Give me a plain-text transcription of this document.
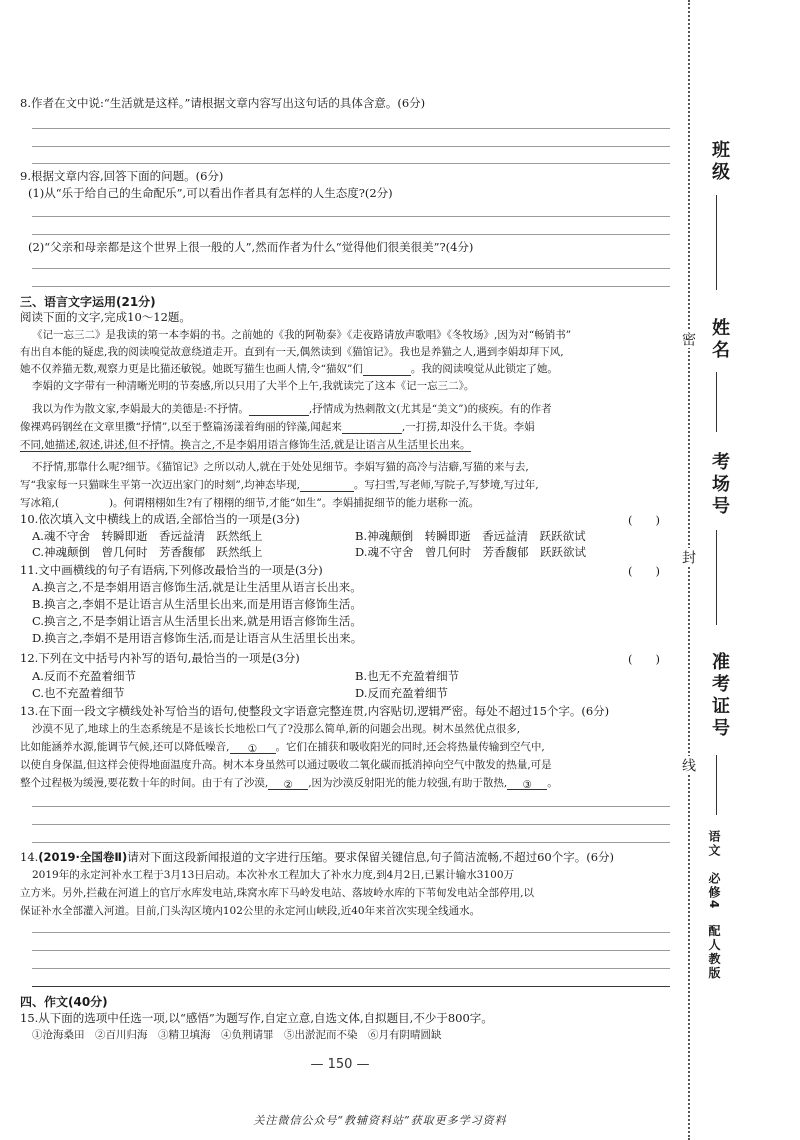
8.作者在文中说:“生活就是这样。”请根据文章内容写出这句话的具体含意。(6分)
9.根据文章内容,回答下面的问题。(6分)
(1)从“乐于给自己的生命配乐”,可以看出作者具有怎样的人生态度?(2分)
(2)“父亲和母亲都是这个世界上很一般的人”,然而作者为什么“觉得他们很美很美”?(4分)
三、语言文字运用(21分)
阅读下面的文字,完成10～12题。
《记一忘三二》是我读的第一本李娟的书。之前她的《我的阿勒泰》《走夜路请放声歌唱》《冬牧场》,因为对“畅销书”
有出自本能的疑虑,我的阅读嗅觉故意绕道走开。直到有一天,偶然读到《猫馆记》。我也是养猫之人,遇到李娟却拜下风,
她不仅养猫无数,观察力更是比猫还敏锐。她既写猫生也画人情,令“猫奴”们	。我的阅读嗅觉从此锁定了她。
李娟的文字带有一种清晰光明的节奏感,所以只用了大半个上午,我就读完了这本《记一忘三二》。
我以为作为散文家,李娟最大的美德是:不抒情。	,抒情成为热刺散文(尤其是“美文”)的痰疾。有的作者
像裸鸡码钢丝在文章里擞“抒情”,以至于整篇汤漾着绚丽的锌藻,闻起来	,一打捞,却没什么干货。李娟
不同,她描述,叙述,讲述,但不抒情。换言之,不是李娟用语言修饰生活,就是让语言从生活里长出来。
不抒情,那靠什么呢?细节。《猫馆记》之所以动人,就在于处处见细节。李娟写猫的高冷与洁癖,写猫的来与去,
写“我家每一只猫咪生平第一次迈出家门的时刻”,均神态毕现,	。写扫雪,写老师,写院子,写梦境,写过年,
写冰箱,(	)。何谓栩栩如生?有了栩栩的细节,才能“如生”。李娟捕捉细节的能力堪称一流。
10.依次填入文中横线上的成语,全部恰当的一项是(3分)	(　　)
A.魂不守舍　转瞬即逝　香远益清　跃然纸上	B.神魂颠倒　转瞬即逝　香远益清　跃跃欲试
C.神魂颠倒　曾几何时　芳香馥郁　跃然纸上	D.魂不守舍　曾几何时　芳香馥郁　跃跃欲试
11.文中画横线的句子有语病,下列修改最恰当的一项是(3分)	(　　)
A.换言之,不是李娟用语言修饰生活,就是让生活里从语言长出来。
B.换言之,李娟不是让语言从生活里长出来,而是用语言修饰生活。
C.换言之,不是李娟让语言从生活里长出来,就是用语言修饰生活。
D.换言之,李娟不是用语言修饰生活,而是让语言从生活里长出来。
12.下列在文中括号内补写的语句,最恰当的一项是(3分)	(　　)
A.反而不充盈着细节	B.也无不充盈着细节
C.也不充盈着细节	D.反而充盈着细节
13.在下面一段文字横线处补写恰当的语句,使整段文字语意完整连贯,内容贴切,逻辑严密。每处不超过15个字。(6分)
沙漠不见了,地球上的生态系统是不是该长长地松口气了?没那么简单,新的问题会出现。树木虽然优点很多,
比如能涵养水源,能调节气候,还可以降低噪音, ① 。它们在捕获和吸收阳光的同时,还会将热量传输到空气中,
以使自身保温,但这样会使得地面温度升高。树木本身虽然可以通过吸收二氧化碳而抵消掉向空气中散发的热量,可是
整个过程极为缓漫,要花数十年的时间。由于有了沙漠, ② ,因为沙漠反射阳光的能力较强,有助于散热, ③ 。
14.(2019·全国卷Ⅱ)请对下面这段新闻报道的文字进行压缩。要求保留关键信息,句子简洁流畅,不超过60个字。(6分)
2019年的永定河补水工程于3月13日启动。本次补水工程加大了补水力度,到4月2日,已累计输水3100万
立方米。另外,拦截在河道上的官厅水库发电站,珠窝水库下马岭发电站、落坡岭水库的下苇甸发电站全部停用,以
保证补水全部灌入河道。目前,门头沟区境内102公里的永定河山峡段,近40年来首次实现全线通水。
四、作文(40分)
15.从下面的选项中任选一项,以“感悟”为题写作,自定立意,自选文体,自拟题目,不少于800字。
①沧海桑田　②百川归海　③精卫填海　④负荆请罪　⑤出淤泥而不染　⑥月有阴晴圆缺
— 150 —
关注微信公众号“教辅资料站”获取更多学习资料
班级
姓名
密
考场号
封
准考证号
线
语文　必修4　配人教版
